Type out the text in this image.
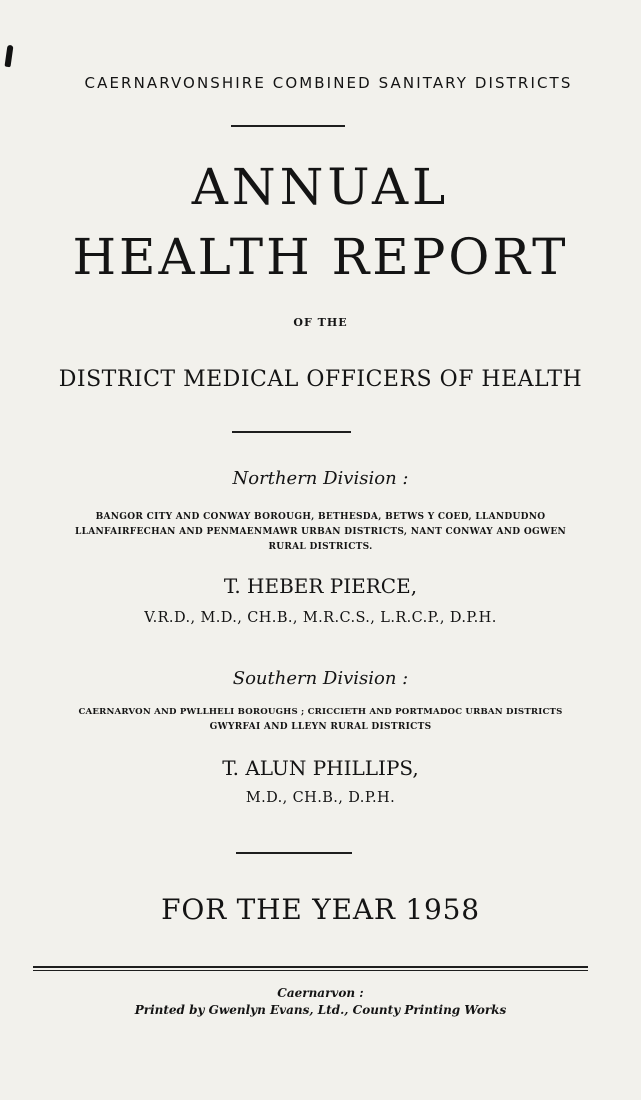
CAERNARVONSHIRE COMBINED SANITARY DISTRICTS
ANNUAL
HEALTH REPORT
OF THE
DISTRICT MEDICAL OFFICERS OF HEALTH
Northern Division :
BANGOR CITY AND CONWAY BOROUGH, BETHESDA, BETWS Y COED, LLANDUDNO
LLANFAIRFECHAN AND PENMAENMAWR URBAN DISTRICTS, NANT CONWAY AND OGWEN
RURAL DISTRICTS.
T. HEBER PIERCE,
V.R.D., M.D., CH.B., M.R.C.S., L.R.C.P., D.P.H.
Southern Division :
CAERNARVON AND PWLLHELI BOROUGHS ; CRICCIETH AND PORTMADOC URBAN DISTRICTS
GWYRFAI AND LLEYN RURAL DISTRICTS
T. ALUN PHILLIPS,
M.D., CH.B., D.P.H.
FOR THE YEAR 1958
Caernarvon :
Printed by Gwenlyn Evans, Ltd., County Printing Works
